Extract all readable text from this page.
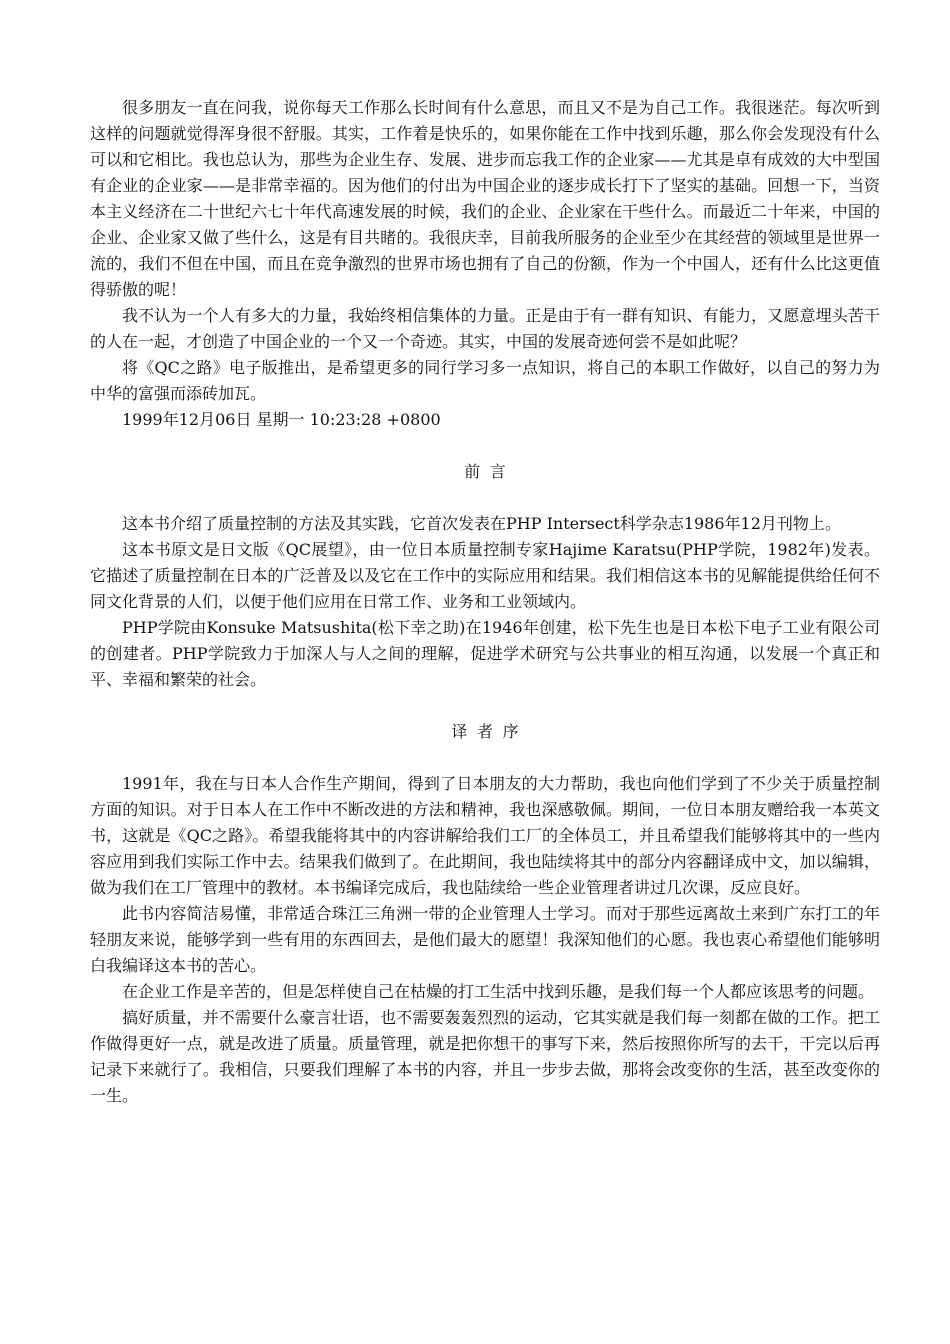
很多朋友一直在问我，说你每天工作那么长时间有什么意思，而且又不是为自己工作。我很迷茫。每次听到这样的问题就觉得浑身很不舒服。其实，工作着是快乐的，如果你能在工作中找到乐趣，那么你会发现没有什么可以和它相比。我也总认为，那些为企业生存、发展、进步而忘我工作的企业家——尤其是卓有成效的大中型国有企业的企业家——是非常幸福的。因为他们的付出为中国企业的逐步成长打下了坚实的基础。回想一下，当资本主义经济在二十世纪六七十年代高速发展的时候，我们的企业、企业家在干些什么。而最近二十年来，中国的企业、企业家又做了些什么，这是有目共睹的。我很庆幸，目前我所服务的企业至少在其经营的领域里是世界一流的，我们不但在中国，而且在竞争激烈的世界市场也拥有了自己的份额，作为一个中国人，还有什么比这更值得骄傲的呢！

我不认为一个人有多大的力量，我始终相信集体的力量。正是由于有一群有知识、有能力，又愿意埋头苦干的人在一起，才创造了中国企业的一个又一个奇迹。其实，中国的发展奇迹何尝不是如此呢？

将《QC之路》电子版推出，是希望更多的同行学习多一点知识，将自己的本职工作做好，以自己的努力为中华的富强而添砖加瓦。

1999年12月06日 星期一 10:23:28 +0800

前言

这本书介绍了质量控制的方法及其实践，它首次发表在PHP Intersect科学杂志1986年12月刊物上。

这本书原文是日文版《QC展望》，由一位日本质量控制专家Hajime Karatsu(PHP学院，1982年)发表。它描述了质量控制在日本的广泛普及以及它在工作中的实际应用和结果。我们相信这本书的见解能提供给任何不同文化背景的人们，以便于他们应用在日常工作、业务和工业领域内。

PHP学院由Konsuke Matsushita(松下幸之助)在1946年创建，松下先生也是日本松下电子工业有限公司的创建者。PHP学院致力于加深人与人之间的理解，促进学术研究与公共事业的相互沟通，以发展一个真正和平、幸福和繁荣的社会。

译者序

1991年，我在与日本人合作生产期间，得到了日本朋友的大力帮助，我也向他们学到了不少关于质量控制方面的知识。对于日本人在工作中不断改进的方法和精神，我也深感敬佩。期间，一位日本朋友赠给我一本英文书，这就是《QC之路》。希望我能将其中的内容讲解给我们工厂的全体员工，并且希望我们能够将其中的一些内容应用到我们实际工作中去。结果我们做到了。在此期间，我也陆续将其中的部分内容翻译成中文，加以编辑，做为我们在工厂管理中的教材。本书编译完成后，我也陆续给一些企业管理者讲过几次课，反应良好。

此书内容简洁易懂，非常适合珠江三角洲一带的企业管理人士学习。而对于那些远离故土来到广东打工的年轻朋友来说，能够学到一些有用的东西回去，是他们最大的愿望！我深知他们的心愿。我也衷心希望他们能够明白我编译这本书的苦心。

在企业工作是辛苦的，但是怎样使自己在枯燥的打工生活中找到乐趣，是我们每一个人都应该思考的问题。

搞好质量，并不需要什么豪言壮语，也不需要轰轰烈烈的运动，它其实就是我们每一刻都在做的工作。把工作做得更好一点，就是改进了质量。质量管理，就是把你想干的事写下来，然后按照你所写的去干，干完以后再记录下来就行了。我相信，只要我们理解了本书的内容，并且一步步去做，那将会改变你的生活，甚至改变你的一生。
